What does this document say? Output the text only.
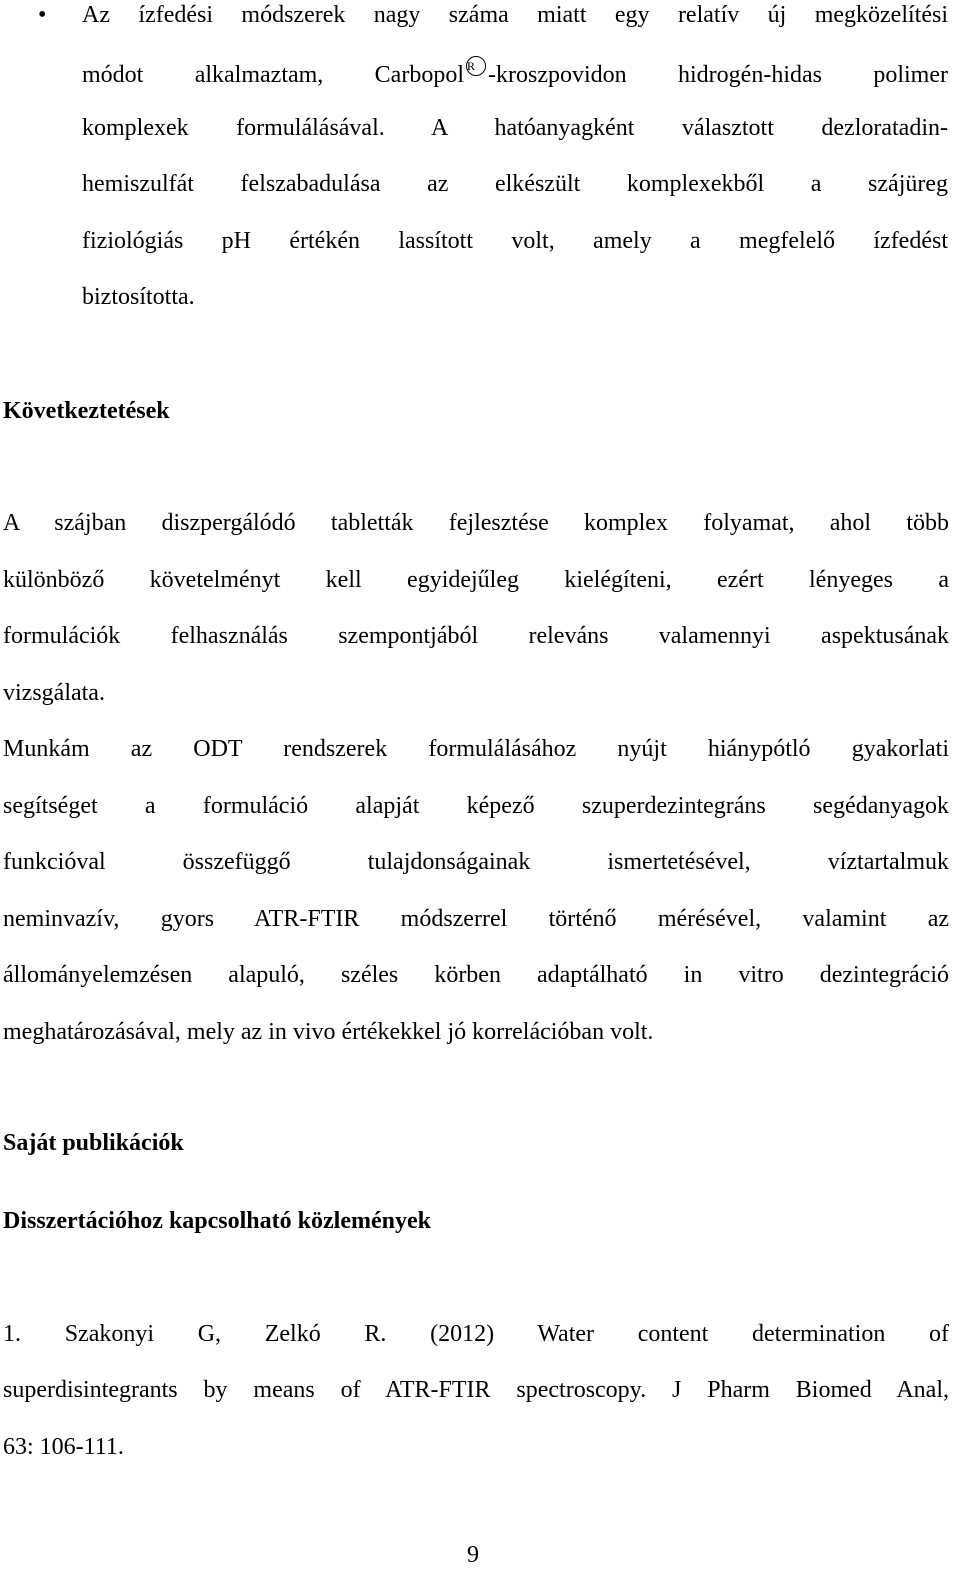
• Az ízfedési módszerek nagy száma miatt egy relatív új megközelítési
módot alkalmaztam, Carbopol $^R$ -kroszpovidon hidrogén-hidas polimer
komplexek formulálásával. A hatóanyagként választott dezloratadin-
hemiszulfát felszabadulása az elkészült komplexekből a szájüreg
fiziológiás pH értékén lassított volt, amely a megfelelő ízfedést
biztosította.
Következtetések
A szájban diszpergálódó tabletták fejlesztése komplex folyamat, ahol több
különböző követelményt kell egyidejűleg kielégíteni, ezért lényeges a
formulációk felhasználás szempontjából releváns valamennyi aspektusának
vizsgálata.
Munkám az ODT rendszerek formulálásához nyújt hiánypótló gyakorlati
segítséget a formuláció alapját képező szuperdezintegráns segédanyagok
funkcióval összefüggő tulajdonságainak ismertetésével, víztartalmuk
neminvazív, gyors ATR-FTIR módszerrel történő mérésével, valamint az
állományelemzésen alapuló, széles körben adaptálható in vitro dezintegráció
meghatározásával, mely az in vivo értékekkel jó korrelációban volt.
Saját publikációk
Disszertációhoz kapcsolható közlemények
1. Szakonyi G, Zelkó R. (2012) Water content determination of
superdisintegrants by means of ATR-FTIR spectroscopy. J Pharm Biomed Anal,
63: 106-111.
9
